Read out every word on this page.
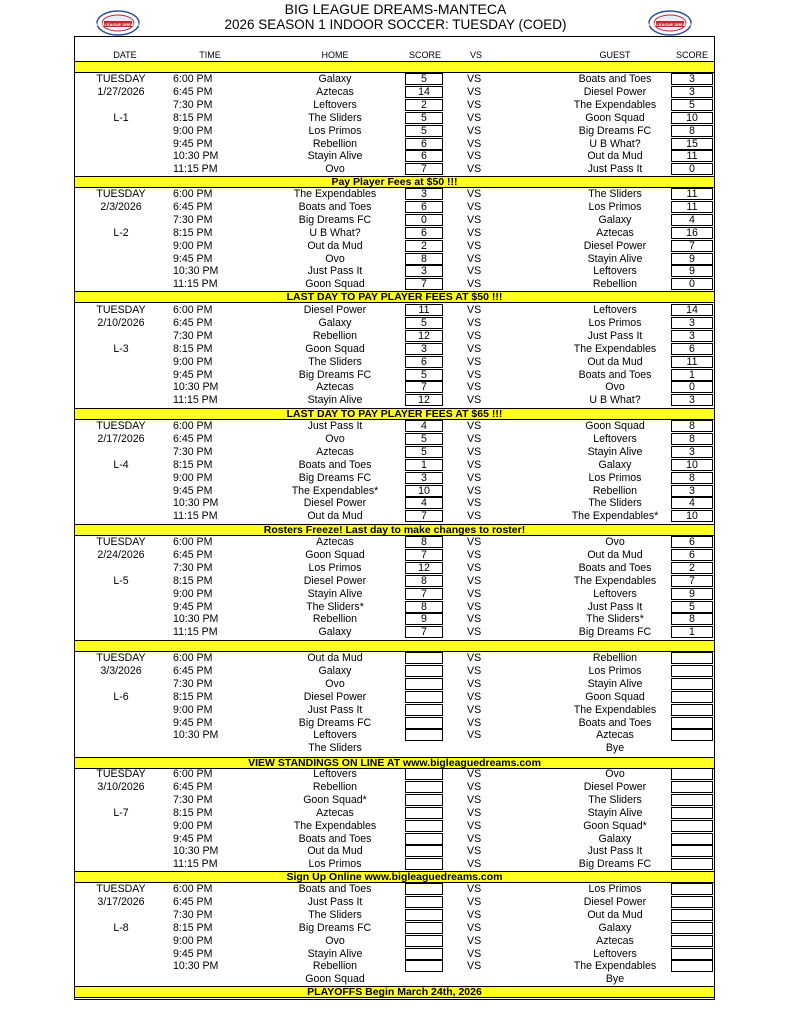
BIG LEAGUE DREAMS
BIG LEAGUE DREAMS-MANTECA
2026 SEASON 1 INDOOR SOCCER: TUESDAY (COED)	BIG LEAGUE DREAMS
DATE	TIME	HOME	SCORE	VS	GUEST	SCORE
TUESDAY	6:00 PM	Galaxy	5	VS	Boats and Toes	3
1/27/2026	6:45 PM	Aztecas	14	VS	Diesel Power	3
7:30 PM	Leftovers	2	VS	The Expendables	5
L-1	8:15 PM	The Sliders	5	VS	Goon Squad	10
9:00 PM	Los Primos	5	VS	Big Dreams FC	8
9:45 PM	Rebellion	6	VS	U B What?	15
10:30 PM	Stayin Alive	6	VS	Out da Mud	11
11:15 PM	Ovo	7	VS	Just Pass It	0
Pay Player Fees at $50 !!!
TUESDAY	6:00 PM	The Expendables	3	VS	The Sliders	11
2/3/2026	6:45 PM	Boats and Toes	6	VS	Los Primos	11
7:30 PM	Big Dreams FC	0	VS	Galaxy	4
L-2	8:15 PM	U B What?	6	VS	Aztecas	16
9:00 PM	Out da Mud	2	VS	Diesel Power	7
9:45 PM	Ovo	8	VS	Stayin Alive	9
10:30 PM	Just Pass It	3	VS	Leftovers	9
11:15 PM	Goon Squad	7	VS	Rebellion	0
LAST DAY TO PAY PLAYER FEES AT $50 !!!
TUESDAY	6:00 PM	Diesel Power	11	VS	Leftovers	14
2/10/2026	6:45 PM	Galaxy	5	VS	Los Primos	3
7:30 PM	Rebellion	12	VS	Just Pass It	3
L-3	8:15 PM	Goon Squad	3	VS	The Expendables	6
9:00 PM	The Sliders	6	VS	Out da Mud	11
9:45 PM	Big Dreams FC	5	VS	Boats and Toes	1
10:30 PM	Aztecas	7	VS	Ovo	0
11:15 PM	Stayin Alive	12	VS	U B What?	3
LAST DAY TO PAY PLAYER FEES AT $65 !!!
TUESDAY	6:00 PM	Just Pass It	4	VS	Goon Squad	8
2/17/2026	6:45 PM	Ovo	5	VS	Leftovers	8
7:30 PM	Aztecas	5	VS	Stayin Alive	3
L-4	8:15 PM	Boats and Toes	1	VS	Galaxy	10
9:00 PM	Big Dreams FC	3	VS	Los Primos	8
9:45 PM	The Expendables*	10	VS	Rebellion	3
10:30 PM	Diesel Power	4	VS	The Sliders	4
11:15 PM	Out da Mud	7	VS	The Expendables*	10
Rosters Freeze! Last day to make changes to roster!
TUESDAY	6:00 PM	Aztecas	8	VS	Ovo	6
2/24/2026	6:45 PM	Goon Squad	7	VS	Out da Mud	6
7:30 PM	Los Primos	12	VS	Boats and Toes	2
L-5	8:15 PM	Diesel Power	8	VS	The Expendables	7
9:00 PM	Stayin Alive	7	VS	Leftovers	9
9:45 PM	The Sliders*	8	VS	Just Pass It	5
10:30 PM	Rebellion	9	VS	The Sliders*	8
11:15 PM	Galaxy	7	VS	Big Dreams FC	1
TUESDAY	6:00 PM	Out da Mud	VS	Rebellion
3/3/2026	6:45 PM	Galaxy	VS	Los Primos
7:30 PM	Ovo	VS	Stayin Alive
L-6	8:15 PM	Diesel Power	VS	Goon Squad
9:00 PM	Just Pass It	VS	The Expendables
9:45 PM	Big Dreams FC	VS	Boats and Toes
10:30 PM	Leftovers	VS	Aztecas
The Sliders	Bye
VIEW STANDINGS ON LINE AT www.bigleaguedreams.com
TUESDAY	6:00 PM	Leftovers	VS	Ovo
3/10/2026	6:45 PM	Rebellion	VS	Diesel Power
7:30 PM	Goon Squad*	VS	The Sliders
L-7	8:15 PM	Aztecas	VS	Stayin Alive
9:00 PM	The Expendables	VS	Goon Squad*
9:45 PM	Boats and Toes	VS	Galaxy
10:30 PM	Out da Mud	VS	Just Pass It
11:15 PM	Los Primos	VS	Big Dreams FC
Sign Up Online www.bigleaguedreams.com
TUESDAY	6:00 PM	Boats and Toes	VS	Los Primos
3/17/2026	6:45 PM	Just Pass It	VS	Diesel Power
7:30 PM	The Sliders	VS	Out da Mud
L-8	8:15 PM	Big Dreams FC	VS	Galaxy
9:00 PM	Ovo	VS	Aztecas
9:45 PM	Stayin Alive	VS	Leftovers
10:30 PM	Rebellion	VS	The Expendables
Goon Squad	Bye
PLAYOFFS Begin March 24th, 2026
